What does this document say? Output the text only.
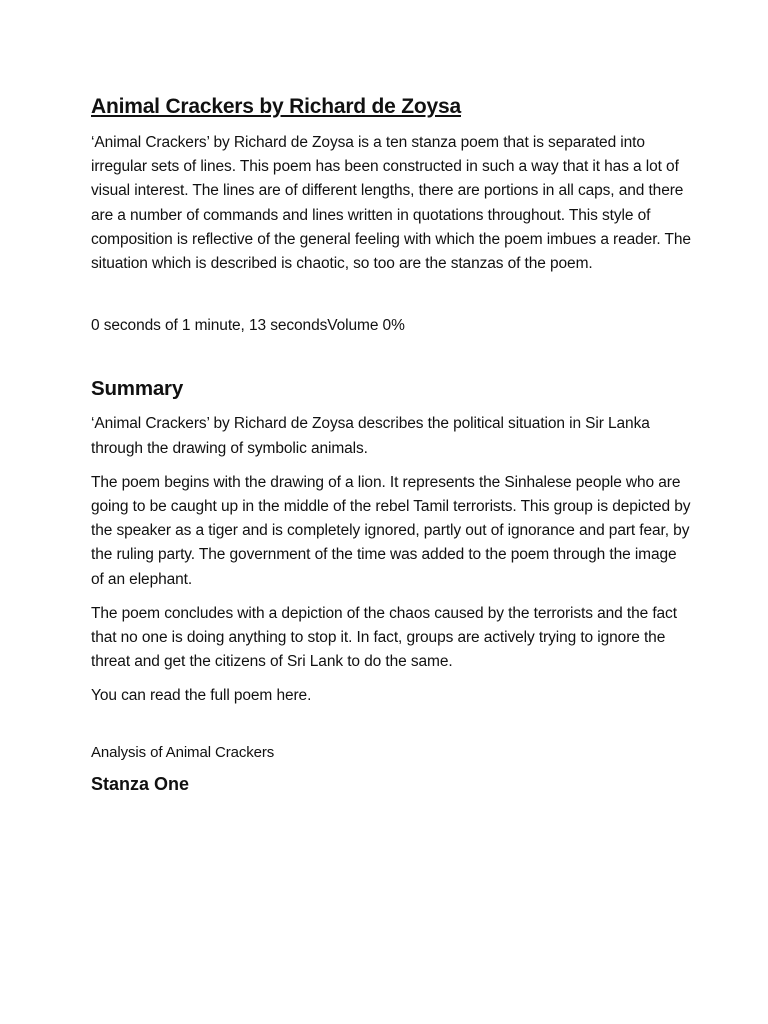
Animal Crackers by Richard de Zoysa

‘Animal Crackers’ by Richard de Zoysa is a ten stanza poem that is separated into irregular sets of lines. This poem has been constructed in such a way that it has a lot of visual interest. The lines are of different lengths, there are portions in all caps, and there are a number of commands and lines written in quotations throughout. This style of composition is reflective of the general feeling with which the poem imbues a reader. The situation which is described is chaotic, so too are the stanzas of the poem.

0 seconds of 1 minute, 13 secondsVolume 0%

Summary

‘Animal Crackers’ by Richard de Zoysa describes the political situation in Sir Lanka through the drawing of symbolic animals.

The poem begins with the drawing of a lion. It represents the Sinhalese people who are going to be caught up in the middle of the rebel Tamil terrorists. This group is depicted by the speaker as a tiger and is completely ignored, partly out of ignorance and part fear, by the ruling party. The government of the time was added to the poem through the image of an elephant.

The poem concludes with a depiction of the chaos caused by the terrorists and the fact that no one is doing anything to stop it. In fact, groups are actively trying to ignore the threat and get the citizens of Sri Lank to do the same.

You can read the full poem here.

Analysis of Animal Crackers

Stanza One
